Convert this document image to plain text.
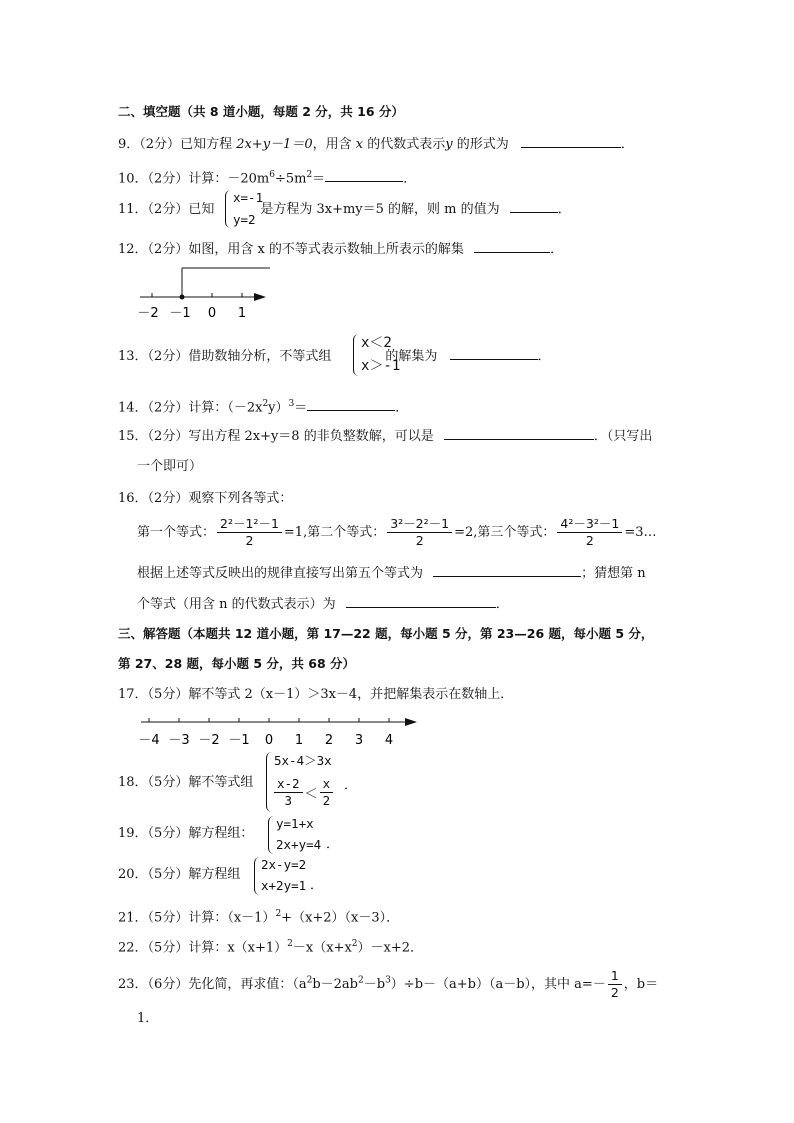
二、填空题（共 8 道小题，每题 2 分，共 16 分）
9．（2分）已知方程 2x+y－1＝0，用含 x 的代数式表示y 的形式为	．
10．（2分）计算：$-20m^6\div 5m^2=$	．
11．（2分）已知	是方程为 3x+my＝5 的解，则 m 的值为	．
x=-1
y=2
12．（2分）如图，用含 x 的不等式表示数轴上所表示的解集	．
－2 －1 0 1
13．（2分）借助数轴分析，不等式组	的解集为	．
x＜2
x＞-1
14．（2分）计算：$(-2x^2y)^3=$	．
15．（2分）写出方程 2x+y＝8 的非负整数解，可以是	．（只写出
一个即可）
16．（2分）观察下列各等式：
第一个等式： $\frac{\text{2²－1²－1}}{2} =1$,第二个等式： $\frac{\text{3²－2²－1}}{2} =2$,第三个等式： $\frac{\text{4²－3²－1}}{2}$ =3…
根据上述等式反映出的规律直接写出第五个等式为	；猜想第 n
个等式（用含 n 的代数式表示）为	．
三、解答题（本题共 12 道小题，第 17—22 题，每小题 5 分，第 23—26 题，每小题 5 分，
第 27、28 题，每小题 5 分，共 68 分）
17．（5分）解不等式 2（x－1）＞3x－4，并把解集表示在数轴上．
－4 －3 －2 －1 0 1 2 3 4
18．（5分）解不等式组
5x-4＞3x
$\frac{x-2}{3} < \frac{x}{2}$ ．
19．（5分）解方程组：
y=1+x
2x+y=4 ．
20．（5分）解方程组
2x-y=2
x+2y=1 ．
21．（5分）计算：$(x-1)^2+(x+2)(x-3)$．
22．（5分）计算：$x(x+1)^2-x(x+x^2)-x+2$．
23．（6分）先化简，再求值：$(a^2b-2ab^2-b^3)\div b-(a+b)(a-b)$，其中 $a=- \frac{1}{2}$ ，b＝
1．
